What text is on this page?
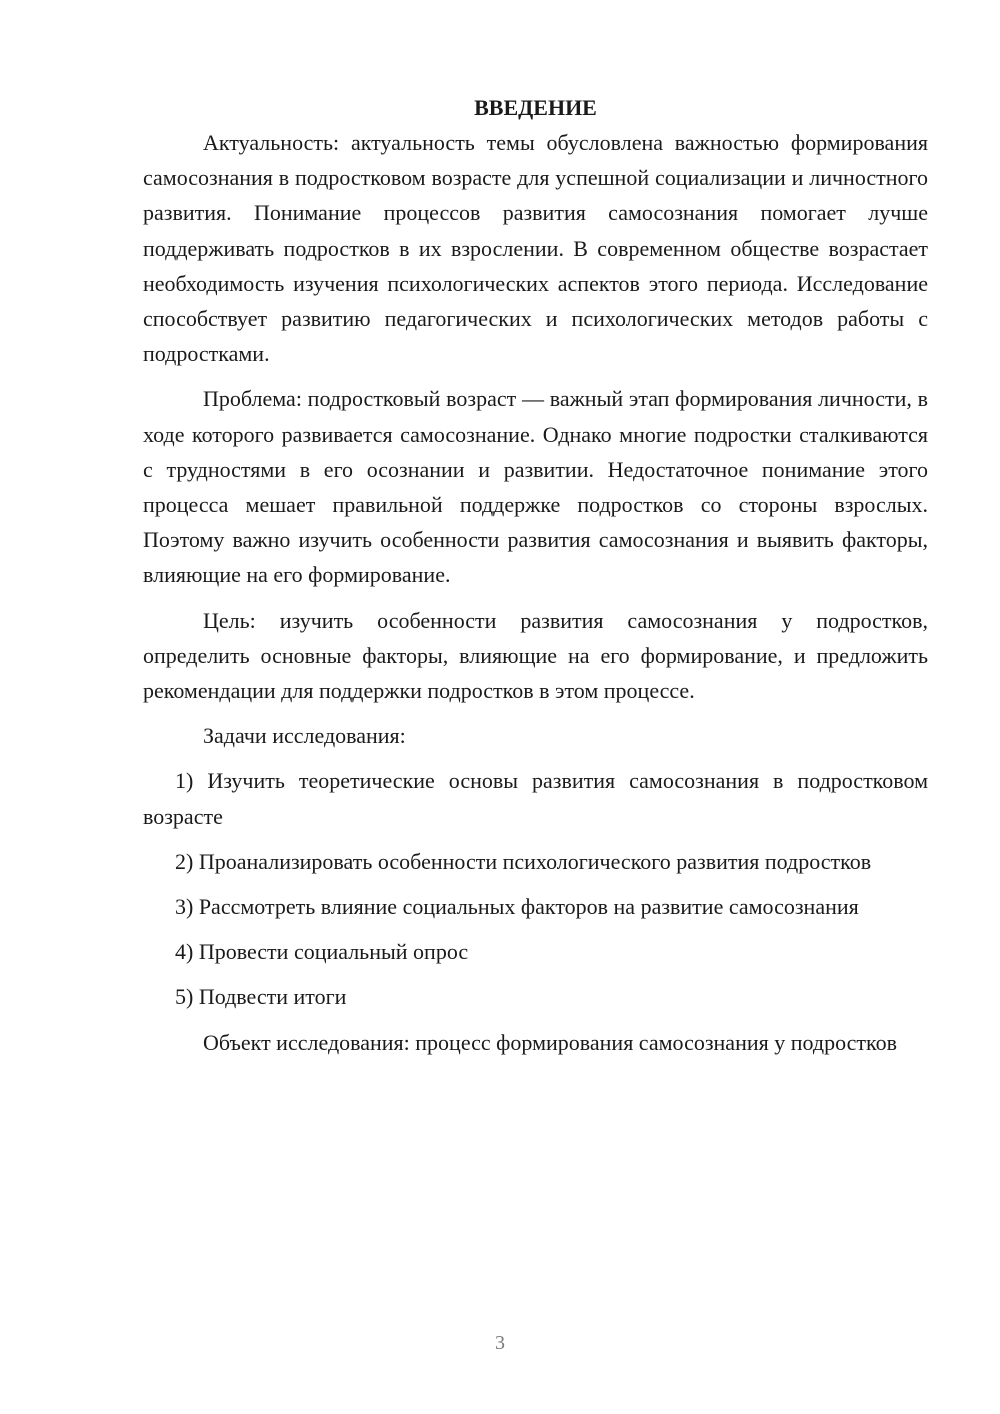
ВВЕДЕНИЕ

Актуальность: актуальность темы обусловлена важностью формирования самосознания в подростковом возрасте для успешной социализации и личностного развития. Понимание процессов развития самосознания помогает лучше поддерживать подростков в их взрослении. В современном обществе возрастает необходимость изучения психологических аспектов этого периода. Исследование способствует развитию педагогических и психологических методов работы с подростками.

Проблема: подростковый возраст — важный этап формирования личности, в ходе которого развивается самосознание. Однако многие подростки сталкиваются с трудностями в его осознании и развитии. Недостаточное понимание этого процесса мешает правильной поддержке подростков со стороны взрослых. Поэтому важно изучить особенности развития самосознания и выявить факторы, влияющие на его формирование.

Цель: изучить особенности развития самосознания у подростков, определить основные факторы, влияющие на его формирование, и предложить рекомендации для поддержки подростков в этом процессе.

Задачи исследования:

1) Изучить теоретические основы развития самосознания в подростковом возрасте

2) Проанализировать особенности психологического развития подростков

3) Рассмотреть влияние социальных факторов на развитие самосознания

4) Провести социальный опрос

5) Подвести итоги

Объект исследования: процесс формирования самосознания у подростков

3
